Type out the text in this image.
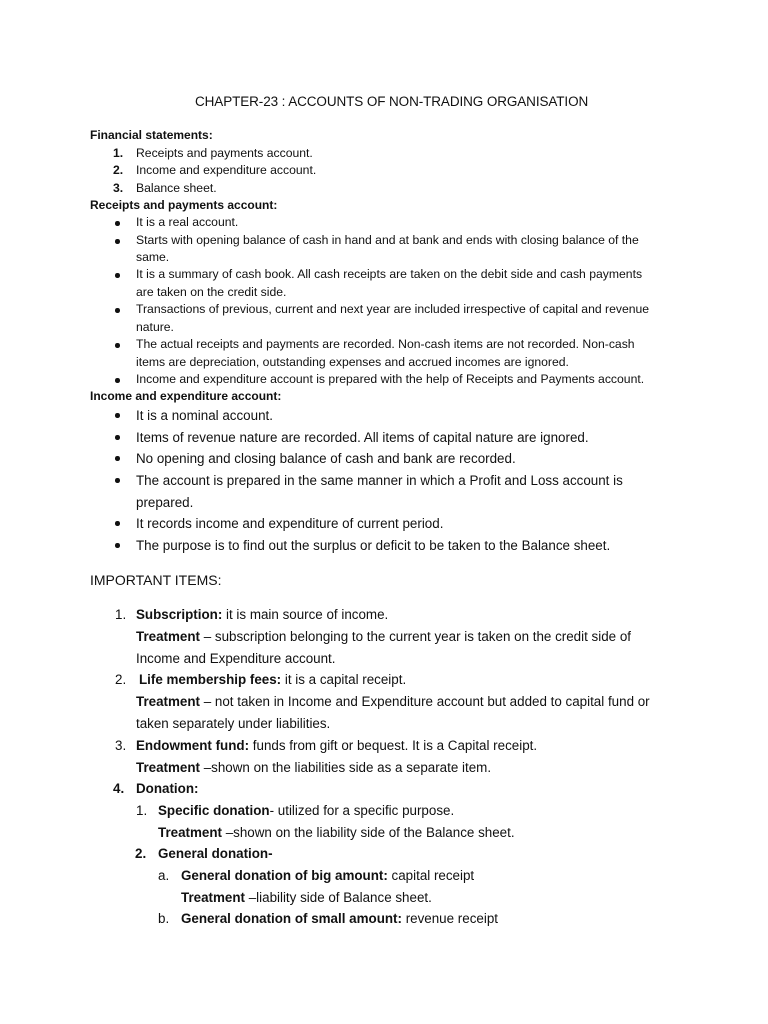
CHAPTER-23 : ACCOUNTS OF NON-TRADING ORGANISATION
Financial statements:
1. Receipts and payments account.
2. Income and expenditure account.
3. Balance sheet.
Receipts and payments account:
It is a real account.
Starts with opening balance of cash in hand and at bank and ends with closing balance of the
same.
It is a summary of cash book. All cash receipts are taken on the debit side and cash payments
are taken on the credit side.
Transactions of previous, current and next year are included irrespective of capital and revenue
nature.
The actual receipts and payments are recorded. Non-cash items are not recorded. Non-cash
items are depreciation, outstanding expenses and accrued incomes are ignored.
Income and expenditure account is prepared with the help of Receipts and Payments account.
Income and expenditure account:
It is a nominal account.
Items of revenue nature are recorded. All items of capital nature are ignored.
No opening and closing balance of cash and bank are recorded.
The account is prepared in the same manner in which a Profit and Loss account is
prepared.
It records income and expenditure of current period.
The purpose is to find out the surplus or deficit to be taken to the Balance sheet.
IMPORTANT ITEMS:
1. Subscription: it is main source of income.
Treatment – subscription belonging to the current year is taken on the credit side of
Income and Expenditure account.
2. Life membership fees: it is a capital receipt.
Treatment – not taken in Income and Expenditure account but added to capital fund or
taken separately under liabilities.
3. Endowment fund: funds from gift or bequest. It is a Capital receipt.
Treatment –shown on the liabilities side as a separate item.
4. Donation:
1. Specific donation- utilized for a specific purpose.
Treatment –shown on the liability side of the Balance sheet.
2. General donation-
a. General donation of big amount: capital receipt
Treatment –liability side of Balance sheet.
b. General donation of small amount: revenue receipt
